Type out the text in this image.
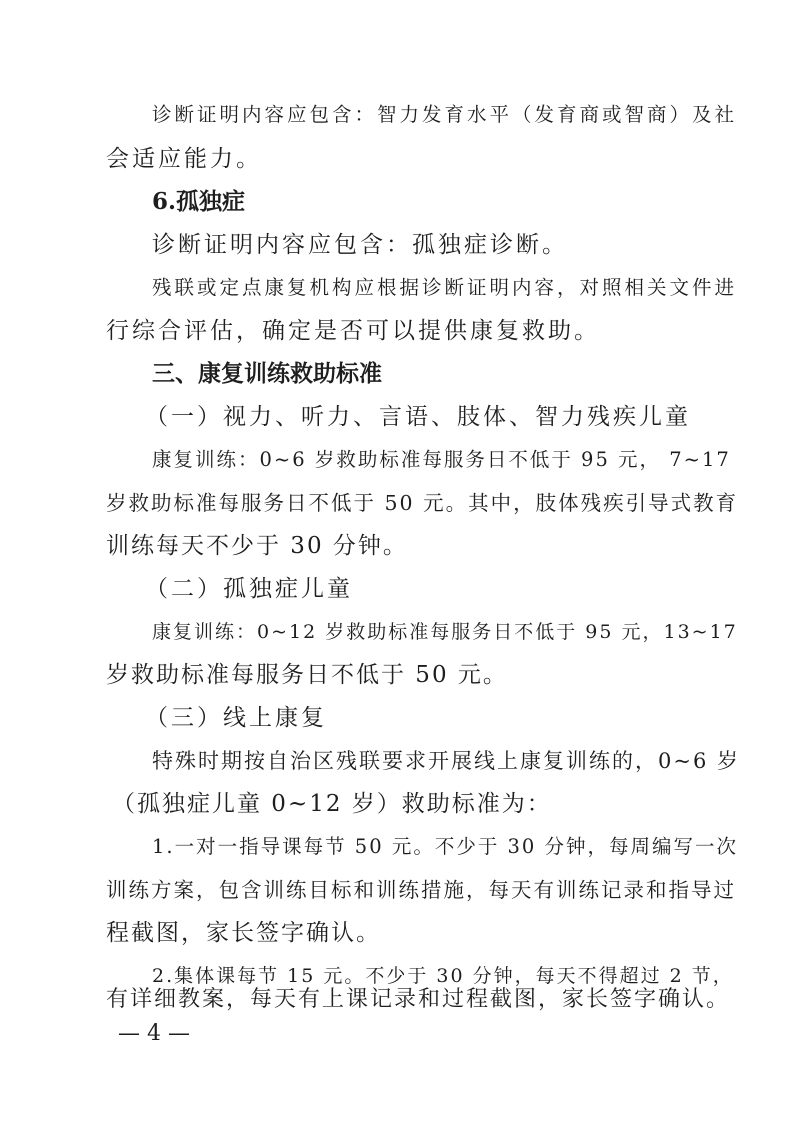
诊断证明内容应包含：智力发育水平（发育商或智商）及社
会适应能力。
6.孤独症
诊断证明内容应包含：孤独症诊断。
残联或定点康复机构应根据诊断证明内容，对照相关文件进
行综合评估，确定是否可以提供康复救助。
三、康复训练救助标准
（一）视力、听力、言语、肢体、智力残疾儿童
康复训练：0~6 岁救助标准每服务日不低于 95 元， 7~17
岁救助标准每服务日不低于 50 元。其中，肢体残疾引导式教育
训练每天不少于 30 分钟。
（二）孤独症儿童
康复训练：0~12 岁救助标准每服务日不低于 95 元，13~17
岁救助标准每服务日不低于 50 元。
（三）线上康复
特殊时期按自治区残联要求开展线上康复训练的，0~6 岁
（孤独症儿童 0~12 岁）救助标准为：
1.一对一指导课每节 50 元。不少于 30 分钟，每周编写一次
训练方案，包含训练目标和训练措施，每天有训练记录和指导过
程截图，家长签字确认。
2.集体课每节 15 元。不少于 30 分钟，每天不得超过 2 节，
有详细教案，每天有上课记录和过程截图，家长签字确认。
— 4 —
